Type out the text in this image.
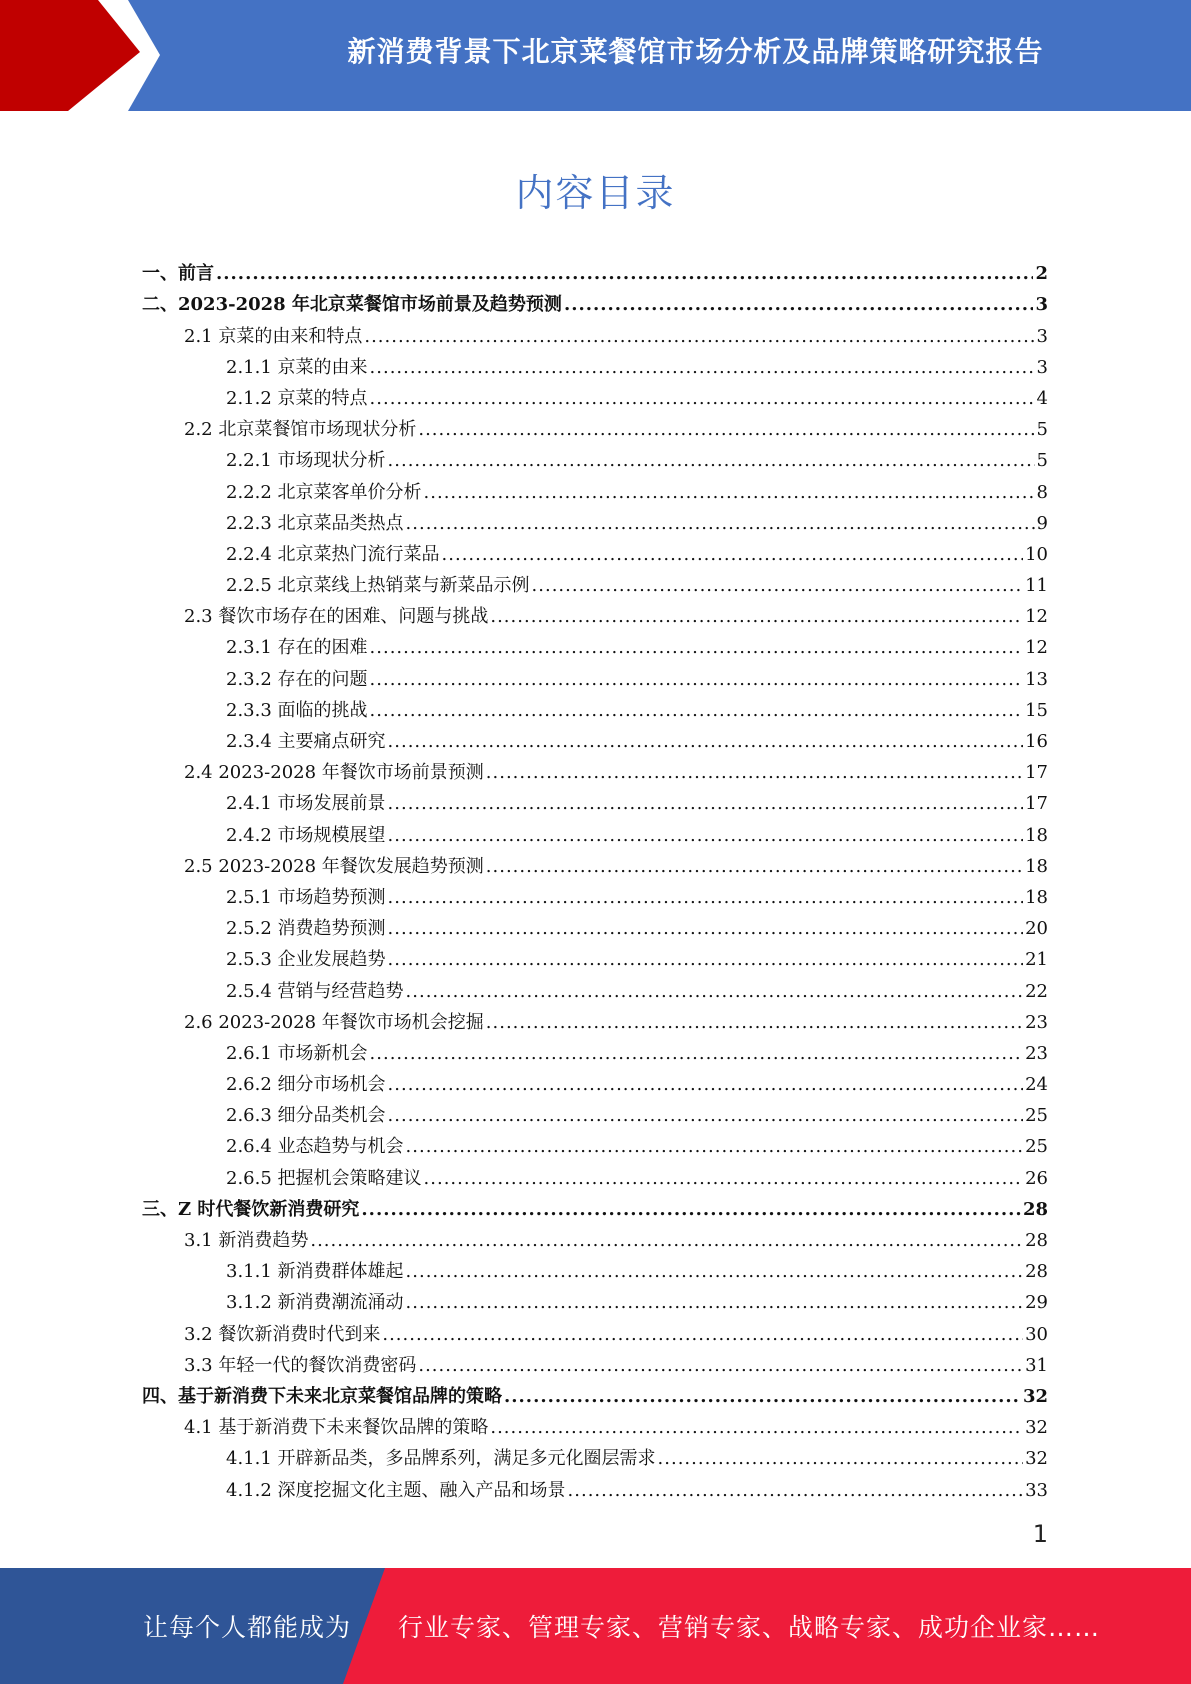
新消费背景下北京菜餐馆市场分析及品牌策略研究报告
内容目录
一、前言 .....	2
二、2023-2028 年北京菜餐馆市场前景及趋势预测 .....	3
2.1 京菜的由来和特点 .....	3
2.1.1 京菜的由来 .....	3
2.1.2 京菜的特点 .....	4
2.2 北京菜餐馆市场现状分析 .....	5
2.2.1 市场现状分析 .....	5
2.2.2 北京菜客单价分析 .....	8
2.2.3 北京菜品类热点 .....	9
2.2.4 北京菜热门流行菜品 .....	10
2.2.5 北京菜线上热销菜与新菜品示例 .....	11
2.3 餐饮市场存在的困难、问题与挑战 .....	12
2.3.1 存在的困难 .....	12
2.3.2 存在的问题 .....	13
2.3.3 面临的挑战 .....	15
2.3.4 主要痛点研究 .....	16
2.4 2023-2028 年餐饮市场前景预测 .....	17
2.4.1 市场发展前景 .....	17
2.4.2 市场规模展望 .....	18
2.5 2023-2028 年餐饮发展趋势预测 .....	18
2.5.1 市场趋势预测 .....	18
2.5.2 消费趋势预测 .....	20
2.5.3 企业发展趋势 .....	21
2.5.4 营销与经营趋势 .....	22
2.6 2023-2028 年餐饮市场机会挖掘 .....	23
2.6.1 市场新机会 .....	23
2.6.2 细分市场机会 .....	24
2.6.3 细分品类机会 .....	25
2.6.4 业态趋势与机会 .....	25
2.6.5 把握机会策略建议 .....	26
三、Z 时代餐饮新消费研究 .....	28
3.1 新消费趋势 .....	28
3.1.1 新消费群体雄起 .....	28
3.1.2 新消费潮流涌动 .....	29
3.2 餐饮新消费时代到来 .....	30
3.3 年轻一代的餐饮消费密码 .....	31
四、基于新消费下未来北京菜餐馆品牌的策略 .....	32
4.1 基于新消费下未来餐饮品牌的策略 .....	32
4.1.1 开辟新品类，多品牌系列，满足多元化圈层需求 .....	32
4.1.2 深度挖掘文化主题、融入产品和场景 .....	33
1
让每个人都能成为 行业专家、管理专家、营销专家、战略专家、成功企业家……
